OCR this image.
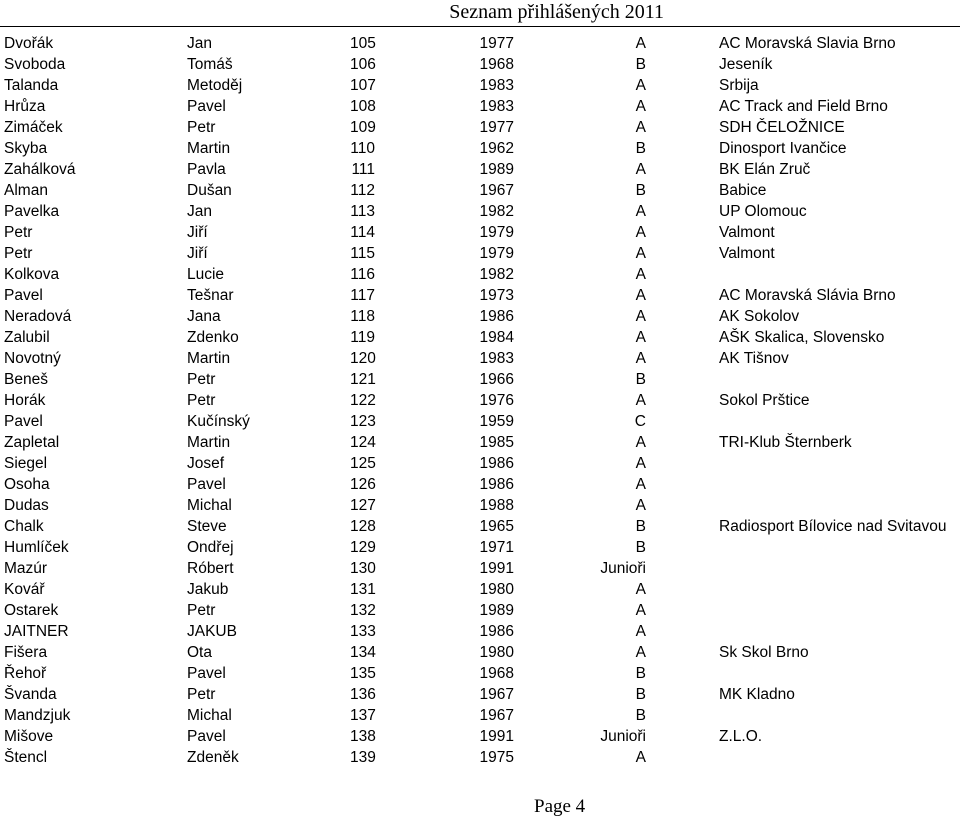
Seznam přihlášených 2011
Dvořák	Jan	105	1977	A	AC Moravská Slavia Brno
Svoboda	Tomáš	106	1968	B	Jeseník
Talanda	Metoděj	107	1983	A	Srbija
Hrůza	Pavel	108	1983	A	AC Track and Field Brno
Zimáček	Petr	109	1977	A	SDH ČELOŽNICE
Skyba	Martin	110	1962	B	Dinosport Ivančice
Zahálková	Pavla	111	1989	A	BK Elán Zruč
Alman	Dušan	112	1967	B	Babice
Pavelka	Jan	113	1982	A	UP Olomouc
Petr	Jiří	114	1979	A	Valmont
Petr	Jiří	115	1979	A	Valmont
Kolkova	Lucie	116	1982	A
Pavel	Tešnar	117	1973	A	AC Moravská Slávia Brno
Neradová	Jana	118	1986	A	AK Sokolov
Zalubil	Zdenko	119	1984	A	AŠK Skalica, Slovensko
Novotný	Martin	120	1983	A	AK Tišnov
Beneš	Petr	121	1966	B
Horák	Petr	122	1976	A	Sokol Prštice
Pavel	Kučínský	123	1959	C
Zapletal	Martin	124	1985	A	TRI-Klub Šternberk
Siegel	Josef	125	1986	A
Osoha	Pavel	126	1986	A
Dudas	Michal	127	1988	A
Chalk	Steve	128	1965	B	Radiosport Bílovice nad Svitavou
Humlíček	Ondřej	129	1971	B
Mazúr	Róbert	130	1991	Junioři
Kovář	Jakub	131	1980	A
Ostarek	Petr	132	1989	A
JAITNER	JAKUB	133	1986	A
Fišera	Ota	134	1980	A	Sk Skol Brno
Řehoř	Pavel	135	1968	B
Švanda	Petr	136	1967	B	MK Kladno
Mandzjuk	Michal	137	1967	B
Mišove	Pavel	138	1991	Junioři	Z.L.O.
Štencl	Zdeněk	139	1975	A
Page 4
